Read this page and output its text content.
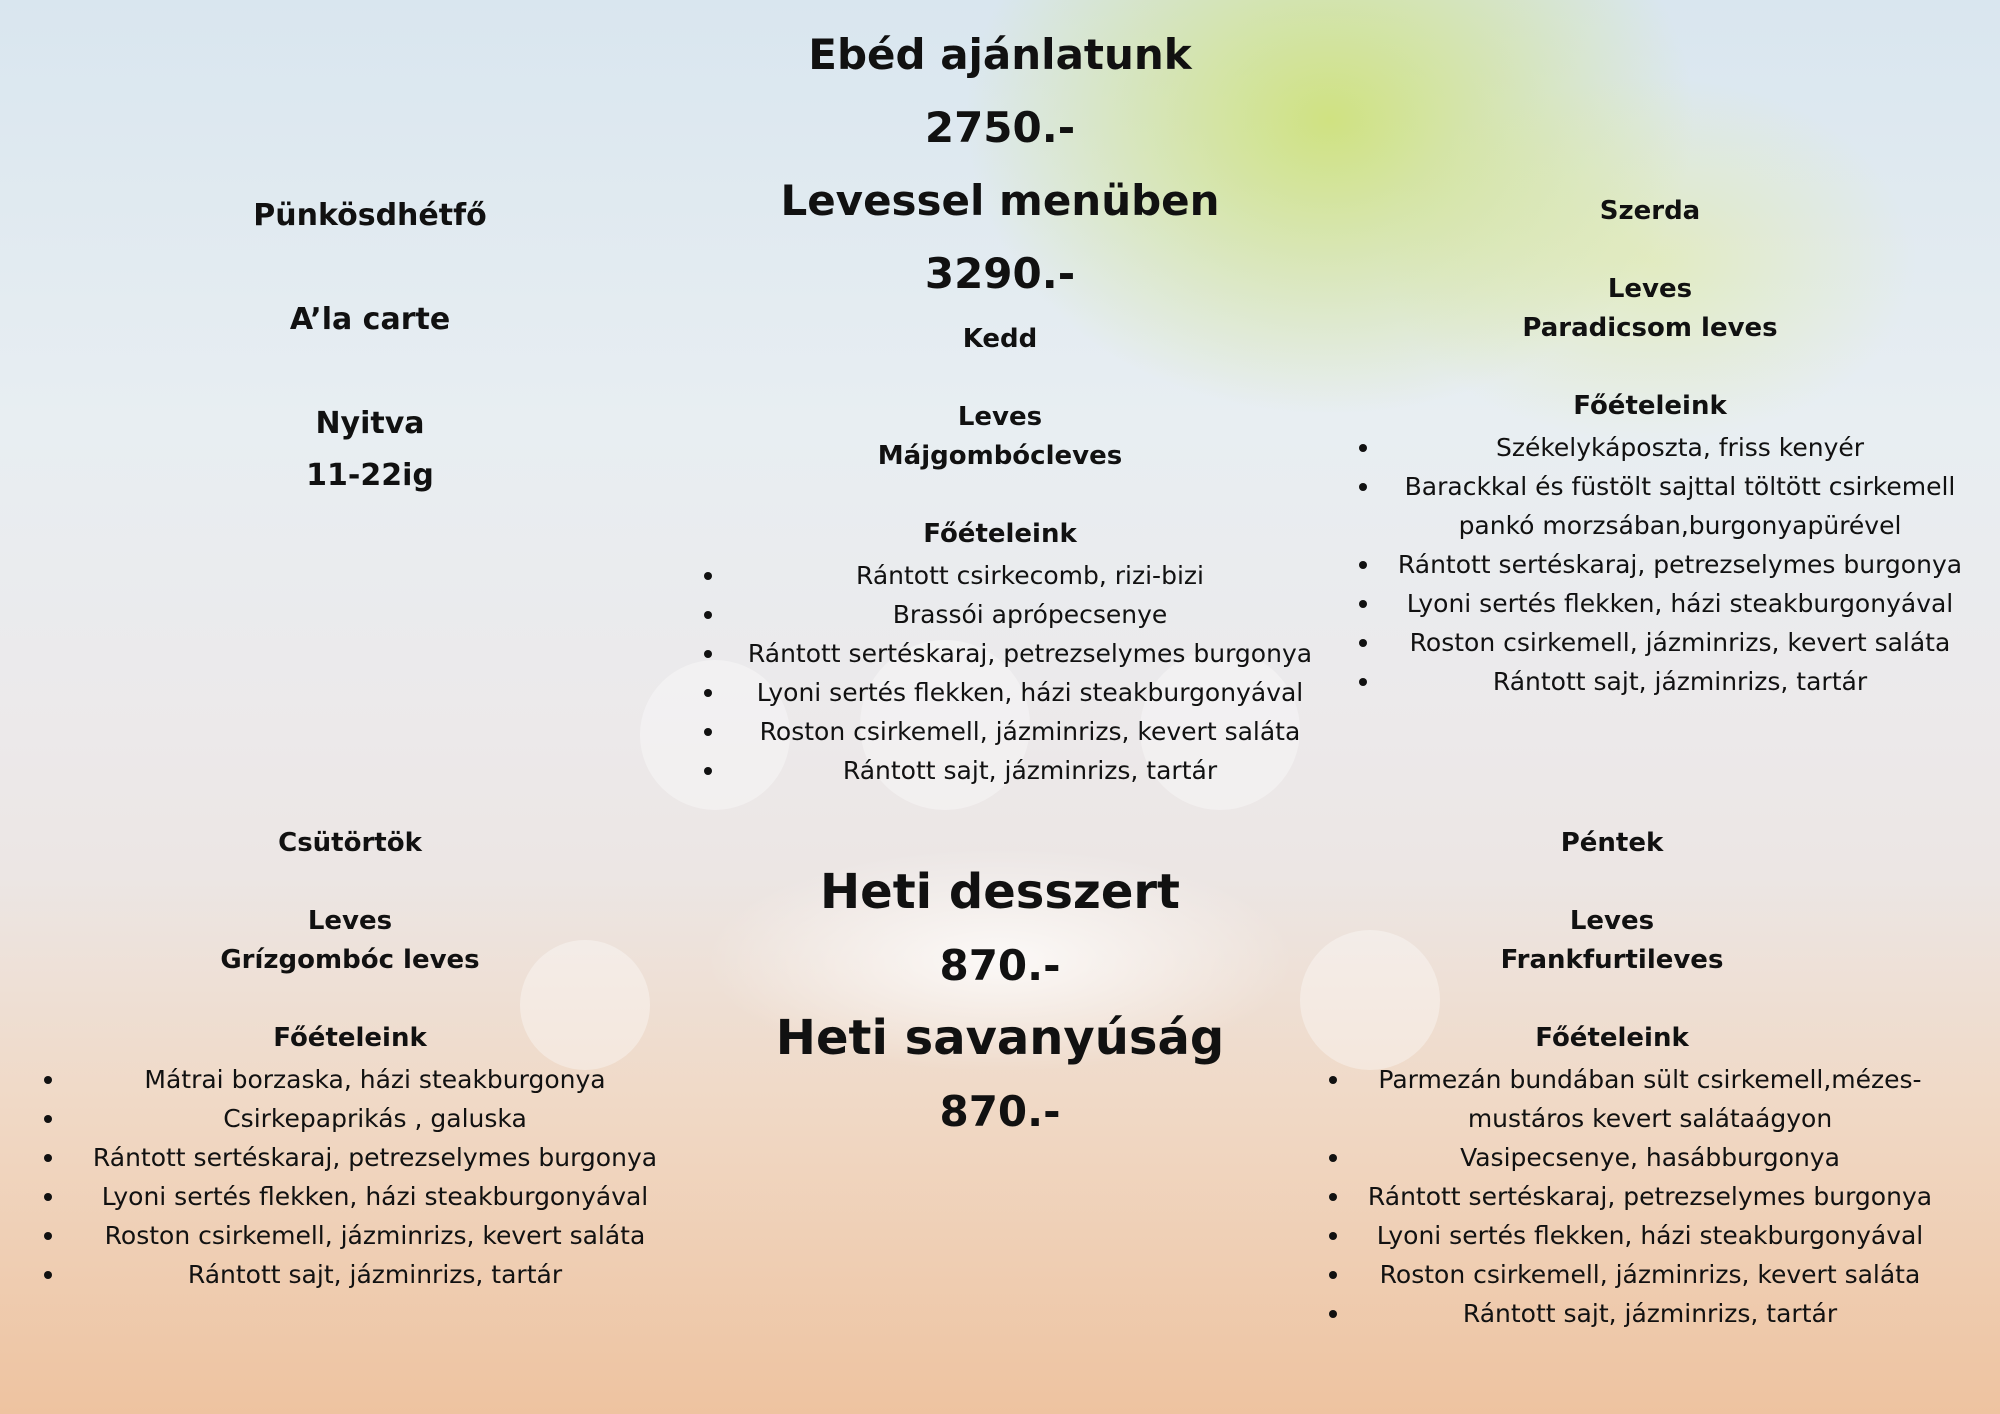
Ebéd ajánlatunk

2750.-

Levessel menüben

3290.-

Pünkösdhétfő

A’la carte

Nyitva

11-22ig

Kedd

Leves

Májgombócleves

Főételeink

Rántott csirkecomb, rizi-bizi
Brassói aprópecsenye
Rántott sertéskaraj, petrezselymes burgonya
Lyoni sertés flekken, házi steakburgonyával
Roston csirkemell, jázminrizs, kevert saláta
Rántott sajt, jázminrizs, tartár

Szerda

Leves

Paradicsom leves

Főételeink

Székelykáposzta, friss kenyér
Barackkal és füstölt sajttal töltött csirkemell pankó morzsában,burgonyapürével
Rántott sertéskaraj, petrezselymes burgonya
Lyoni sertés flekken, házi steakburgonyával
Roston csirkemell, jázminrizs, kevert saláta
Rántott sajt, jázminrizs, tartár

Csütörtök

Leves

Grízgombóc leves

Főételeink

Mátrai borzaska, házi steakburgonya
Csirkepaprikás , galuska
Rántott sertéskaraj, petrezselymes burgonya
Lyoni sertés flekken, házi steakburgonyával
Roston csirkemell, jázminrizs, kevert saláta
Rántott sajt, jázminrizs, tartár

Heti desszert

870.-

Heti savanyúság

870.-

Péntek

Leves

Frankfurtileves

Főételeink

Parmezán bundában sült csirkemell,mézes-mustáros kevert salátaágyon
Vasipecsenye, hasábburgonya
Rántott sertéskaraj, petrezselymes burgonya
Lyoni sertés flekken, házi steakburgonyával
Roston csirkemell, jázminrizs, kevert saláta
Rántott sajt, jázminrizs, tartár
